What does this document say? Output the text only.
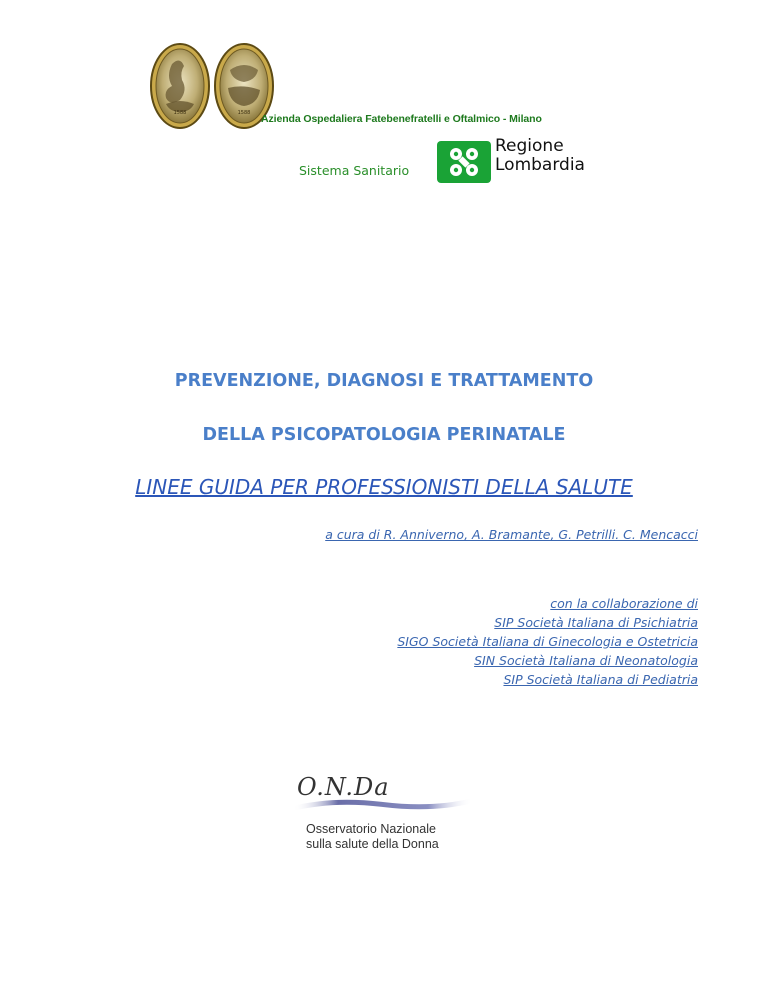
1588	1588 Azienda Ospedaliera Fatebenefratelli e Oftalmico - Milano
Sistema Sanitario
Regione
Lombardia
PREVENZIONE, DIAGNOSI E TRATTAMENTO
DELLA PSICOPATOLOGIA PERINATALE
LINEE GUIDA PER PROFESSIONISTI DELLA SALUTE
a cura di R. Anniverno, A. Bramante, G. Petrilli. C. Mencacci
con la collaborazione di
SIP Società Italiana di Psichiatria
SIGO Società Italiana di Ginecologia e Ostetricia
SIN Società Italiana di Neonatologia
SIP Società Italiana di Pediatria
O.N.Da
Osservatorio Nazionale
sulla salute della Donna
